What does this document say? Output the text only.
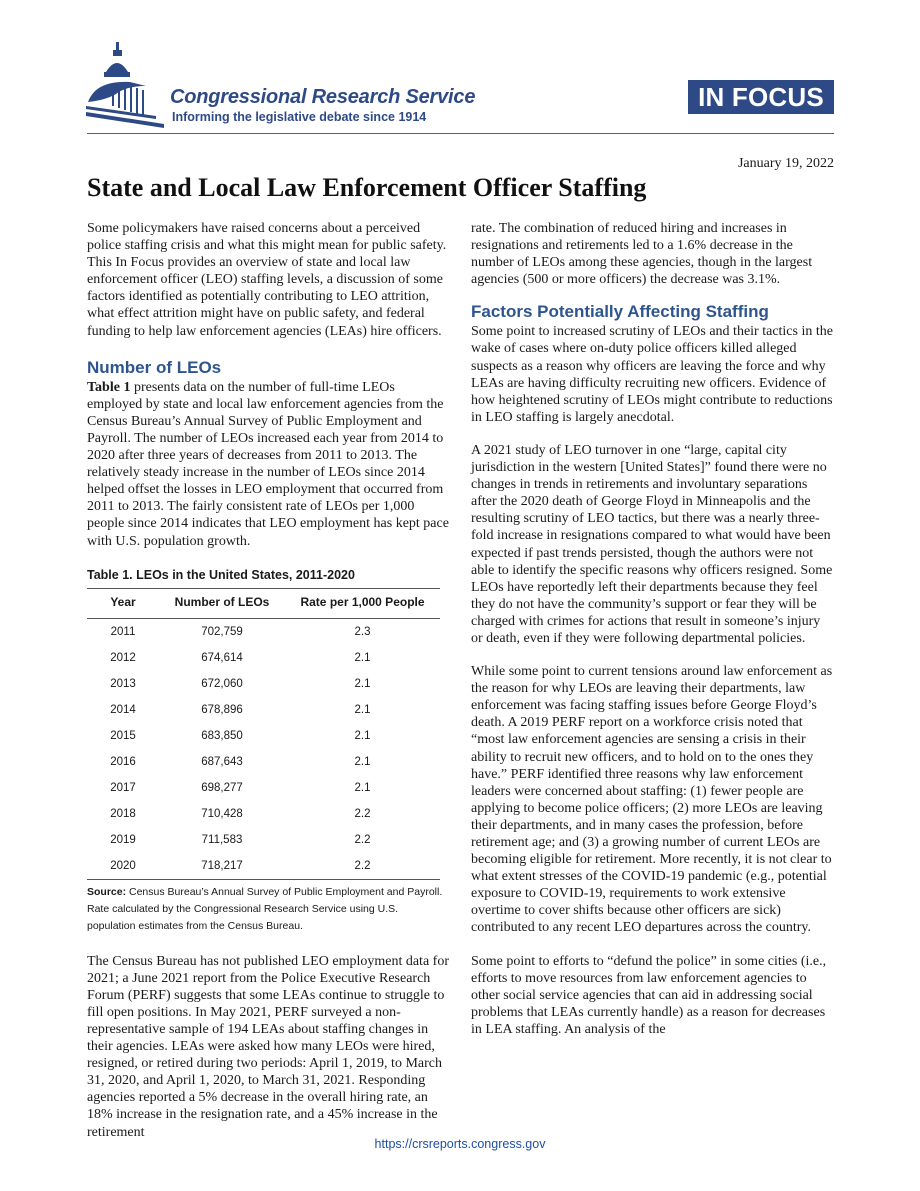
Congressional Research Service
Informing the legislative debate since 1914
IN FOCUS
January 19, 2022
State and Local Law Enforcement Officer Staffing

Some policymakers have raised concerns about a perceived police staffing crisis and what this might mean for public safety. This In Focus provides an overview of state and local law enforcement officer (LEO) staffing levels, a discussion of some factors identified as potentially contributing to LEO attrition, what effect attrition might have on public safety, and federal funding to help law enforcement agencies (LEAs) hire officers.

Number of LEOs

Table 1 presents data on the number of full-time LEOs employed by state and local law enforcement agencies from the Census Bureau’s Annual Survey of Public Employment and Payroll. The number of LEOs increased each year from 2014 to 2020 after three years of decreases from 2011 to 2013. The relatively steady increase in the number of LEOs since 2014 helped offset the losses in LEO employment that occurred from 2011 to 2013. The fairly consistent rate of LEOs per 1,000 people since 2014 indicates that LEO employment has kept pace with U.S. population growth.

Table 1. LEOs in the United States, 2011-2020

Year	Number of LEOs	Rate per 1,000 People
2011	702,759	2.3
2012	674,614	2.1
2013	672,060	2.1
2014	678,896	2.1
2015	683,850	2.1
2016	687,643	2.1
2017	698,277	2.1
2018	710,428	2.2
2019	711,583	2.2
2020	718,217	2.2

Source: Census Bureau’s Annual Survey of Public Employment and Payroll. Rate calculated by the Congressional Research Service using U.S. population estimates from the Census Bureau.

The Census Bureau has not published LEO employment data for 2021; a June 2021 report from the Police Executive Research Forum (PERF) suggests that some LEAs continue to struggle to fill open positions. In May 2021, PERF surveyed a non-representative sample of 194 LEAs about staffing changes in their agencies. LEAs were asked how many LEOs were hired, resigned, or retired during two periods: April 1, 2019, to March 31, 2020, and April 1, 2020, to March 31, 2021. Responding agencies reported a 5% decrease in the overall hiring rate, an 18% increase in the resignation rate, and a 45% increase in the retirement

rate. The combination of reduced hiring and increases in resignations and retirements led to a 1.6% decrease in the number of LEOs among these agencies, though in the largest agencies (500 or more officers) the decrease was 3.1%.

Factors Potentially Affecting Staffing

Some point to increased scrutiny of LEOs and their tactics in the wake of cases where on-duty police officers killed alleged suspects as a reason why officers are leaving the force and why LEAs are having difficulty recruiting new officers. Evidence of how heightened scrutiny of LEOs might contribute to reductions in LEO staffing is largely anecdotal.

A 2021 study of LEO turnover in one “large, capital city jurisdiction in the western [United States]” found there were no changes in trends in retirements and involuntary separations after the 2020 death of George Floyd in Minneapolis and the resulting scrutiny of LEO tactics, but there was a nearly three-fold increase in resignations compared to what would have been expected if past trends persisted, though the authors were not able to identify the specific reasons why officers resigned. Some LEOs have reportedly left their departments because they feel they do not have the community’s support or fear they will be charged with crimes for actions that result in someone’s injury or death, even if they were following departmental policies.

While some point to current tensions around law enforcement as the reason for why LEOs are leaving their departments, law enforcement was facing staffing issues before George Floyd’s death. A 2019 PERF report on a workforce crisis noted that “most law enforcement agencies are sensing a crisis in their ability to recruit new officers, and to hold on to the ones they have.” PERF identified three reasons why law enforcement leaders were concerned about staffing: (1) fewer people are applying to become police officers; (2) more LEOs are leaving their departments, and in many cases the profession, before retirement age; and (3) a growing number of current LEOs are becoming eligible for retirement. More recently, it is not clear to what extent stresses of the COVID-19 pandemic (e.g., potential exposure to COVID-19, requirements to work extensive overtime to cover shifts because other officers are sick) contributed to any recent LEO departures across the country.

Some point to efforts to “defund the police” in some cities (i.e., efforts to move resources from law enforcement agencies to other social service agencies that can aid in addressing social problems that LEAs currently handle) as a reason for decreases in LEA staffing. An analysis of the

https://crsreports.congress.gov
